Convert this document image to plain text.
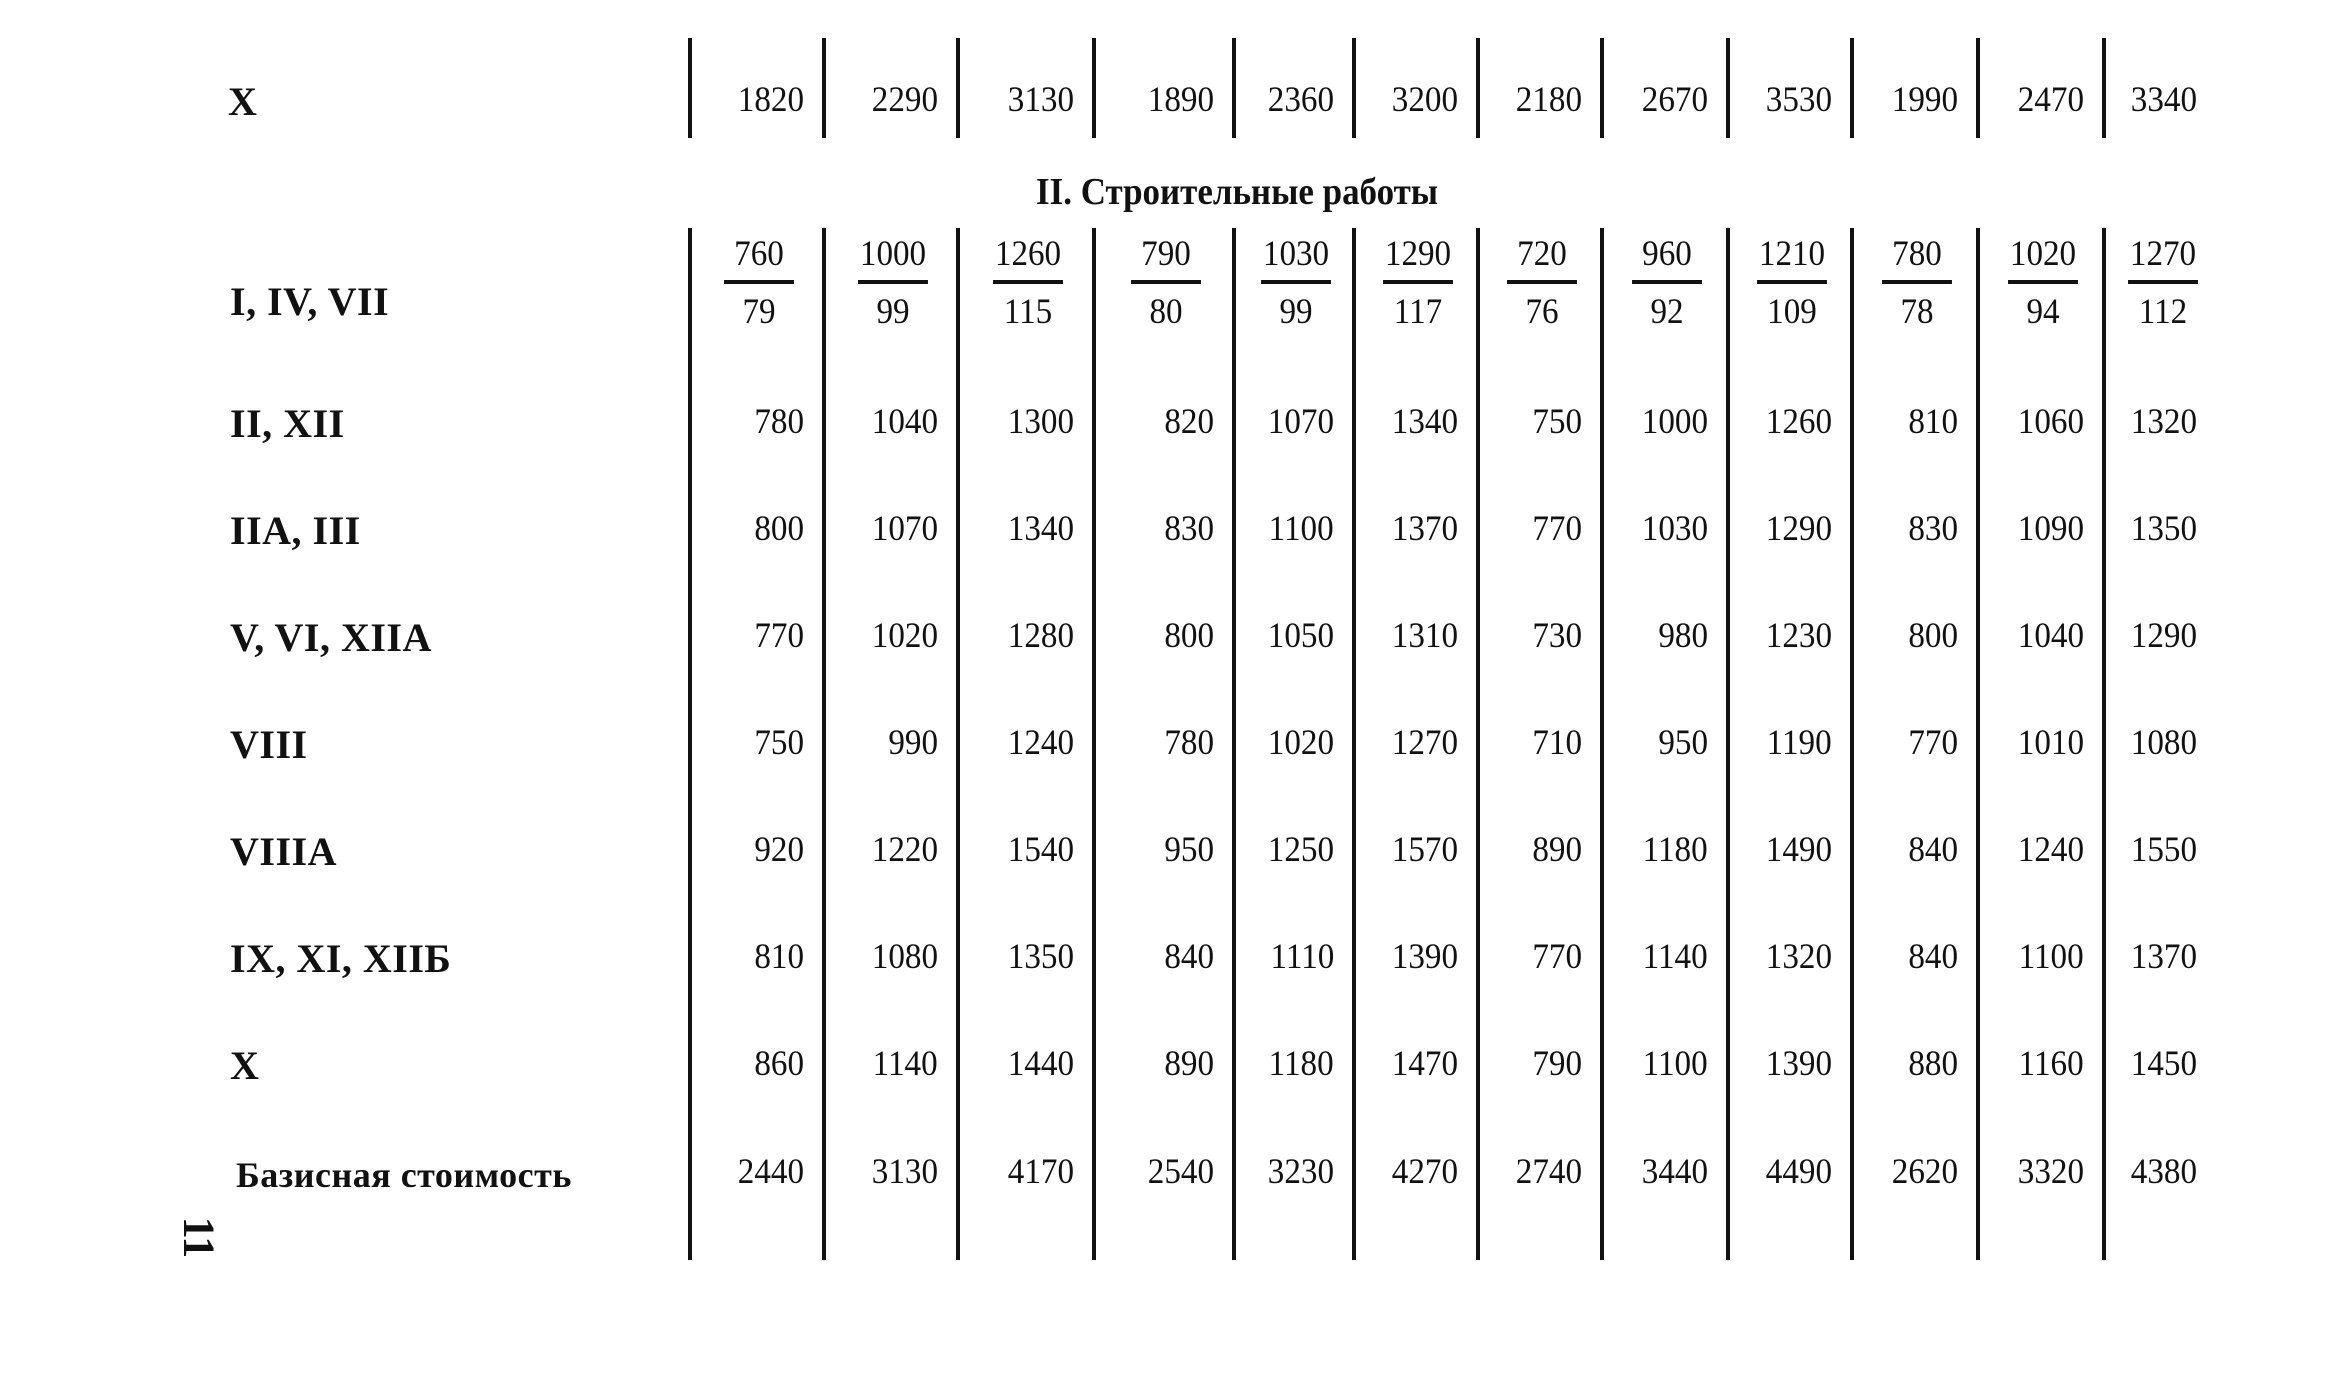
X	1820 2290 3130 1890 2360 3200 2180 2670 3530 1990 2470 3340
II. Строительные работы
I, IV, VII	$\frac{760}{79} \frac{1000}{99} \frac{1260}{115} \frac{790}{80} \frac{1030}{99} \frac{1290}{117} \frac{720}{76} \frac{960}{92} \frac{1210}{109} \frac{780}{78} \frac{1020}{94} \frac{1270}{112}$
II, XII	780 1040 1300	820 1070 1340 750 1000 1260 810 1060 1320
IIA, III	800 1070 1340	830 1100 1370 770 1030 1290 830 1090 1350
V, VI, XIIA	770 1020 1280	800 1050 1310 730 980 1230 800 1040 1290
VIII	750 990 1240	780 1020 1270 710 950 1190 770 1010 1080
VIIIA	920 1220 1540	950 1250 1570 890 1180 1490 840 1240 1550
IX, XI, XIIБ	810 1080 1350	840 1110 1390 770 1140 1320 840 1100 1370
X	860 1140 1440	890 1180 1470 790 1100 1390 880 1160 1450
Базисная стоимость	2440 3130 4170 2540 3230 4270 2740 3440 4490 2620 3320 4380
11
